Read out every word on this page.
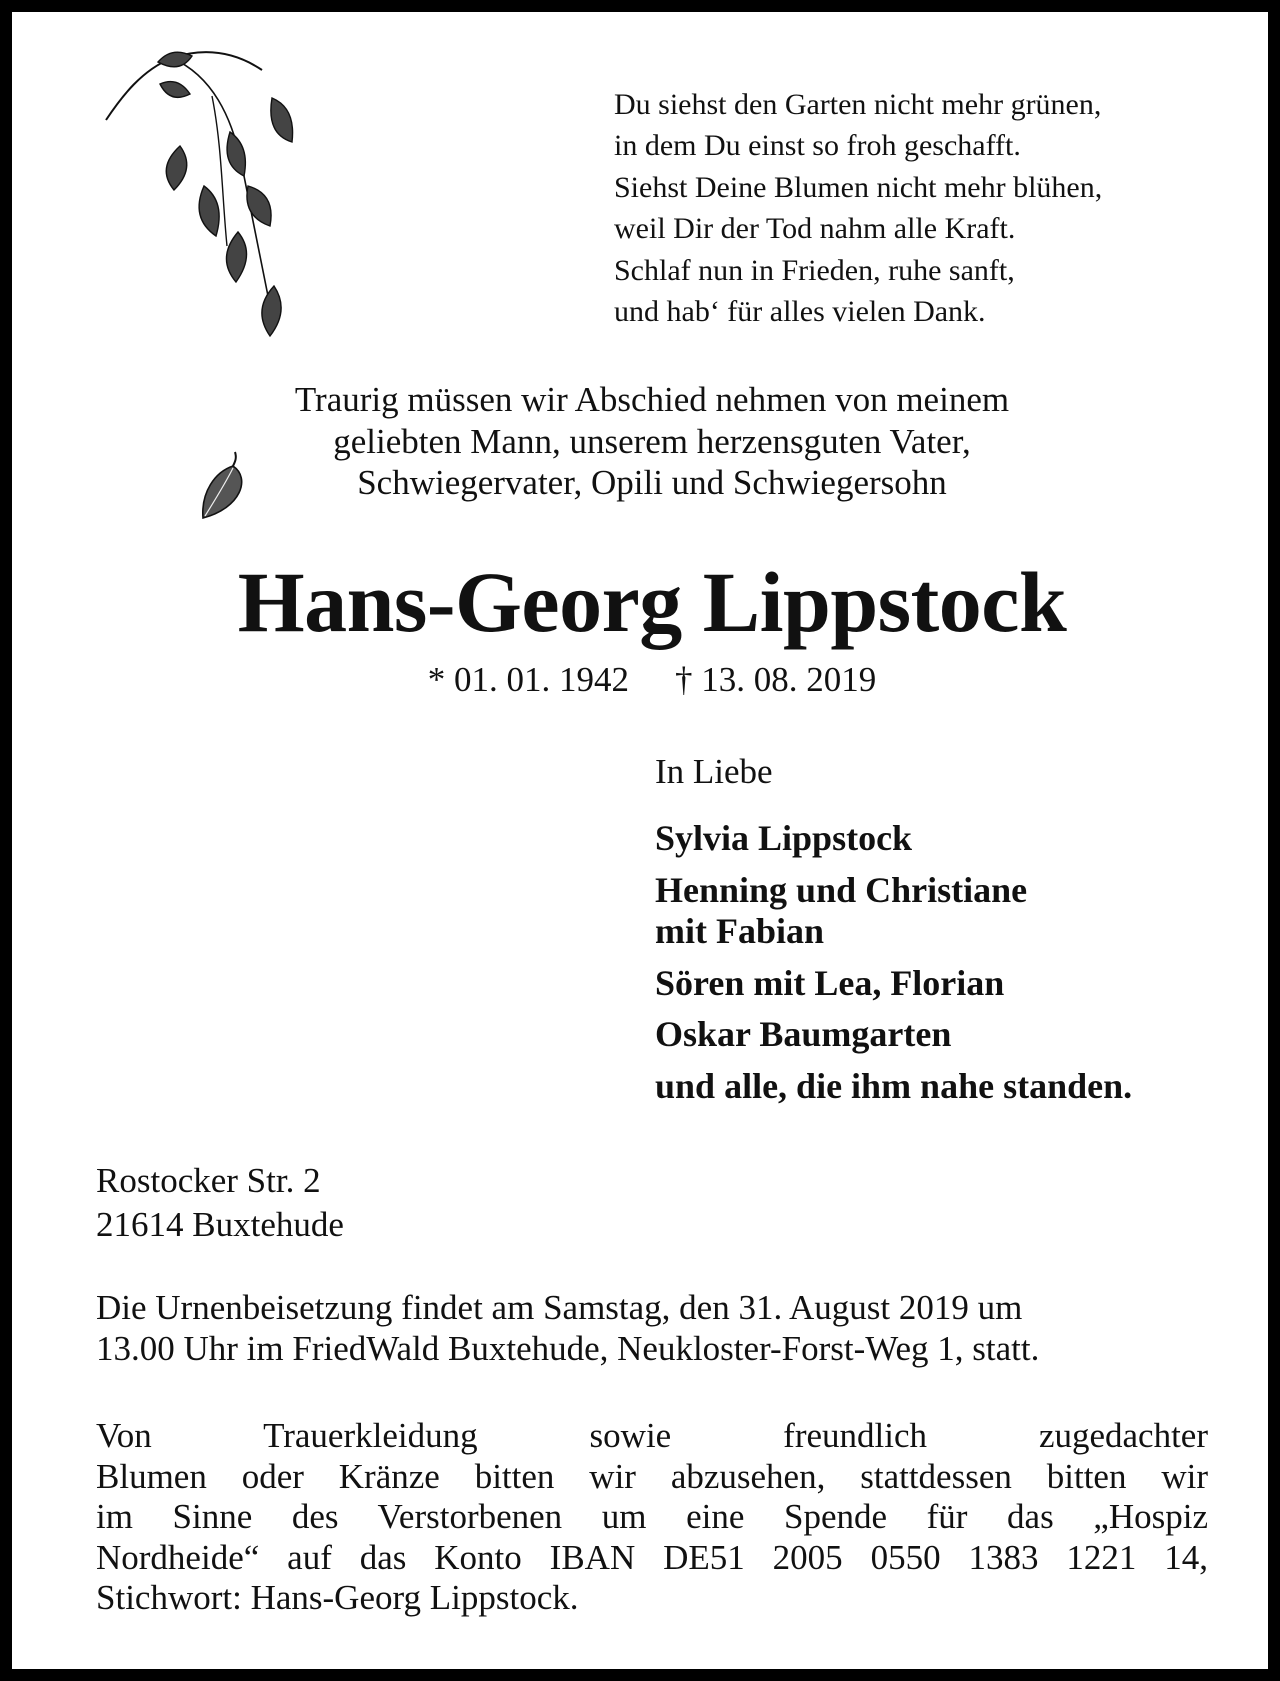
Du siehst den Garten nicht mehr grünen,
in dem Du einst so froh geschafft.
Siehst Deine Blumen nicht mehr blühen,
weil Dir der Tod nahm alle Kraft.
Schlaf nun in Frieden, ruhe sanft,
und hab‘ für alles vielen Dank.
Traurig müssen wir Abschied nehmen von meinem
geliebten Mann, unserem herzensguten Vater,
Schwiegervater, Opili und Schwiegersohn
Hans-Georg Lippstock
* 01. 01. 1942 † 13. 08. 2019
In Liebe
Sylvia Lippstock
Henning und Christiane
mit Fabian
Sören mit Lea, Florian
Oskar Baumgarten
und alle, die ihm nahe standen.
Rostocker Str. 2
21614 Buxtehude
Die Urnenbeisetzung findet am Samstag, den 31. August 2019 um
13.00 Uhr im FriedWald Buxtehude, Neukloster-Forst-Weg 1, statt.
Von Trauerkleidung sowie freundlich zugedachter
Blumen oder Kränze bitten wir abzusehen, stattdessen bitten wir
im Sinne des Verstorbenen um eine Spende für das „Hospiz
Nordheide“ auf das Konto IBAN DE51 2005 0550 1383 1221 14,
Stichwort: Hans-Georg Lippstock.
